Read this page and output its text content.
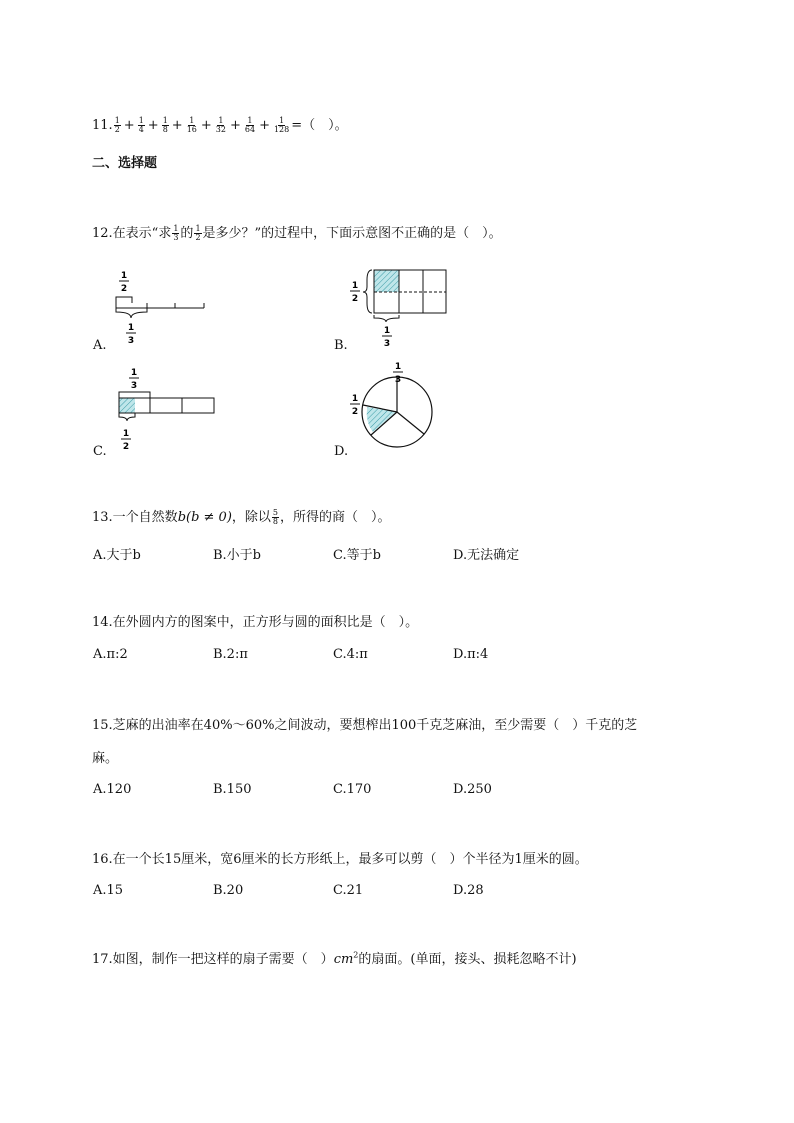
11. $\frac{1}{2} + \frac{1}{4} + \frac{1}{8} + \frac{1}{16} + \frac{1}{32} + \frac{1}{64} + \frac{1}{128}$ =（　）。
二、选择题
12.在表示“求 $\frac{1}{3}$ 的 $\frac{1}{2}$ 是多少？”的过程中，下面示意图不正确的是（　）。
1
2
1
3
1
2
1
3
1
3
1
2
1
3
1
2
A.	B.
C.	D.
13.一个自然数b(b ≠ 0)，除以 $\frac{5}{8}$ ，所得的商（　）。
A.大于b	B.小于b	C.等于b	D.无法确定
14.在外圆内方的图案中，正方形与圆的面积比是（　）。
A.π:2	B.2:π	C.4:π	D.π:4
15.芝麻的出油率在40%～60%之间波动，要想榨出100千克芝麻油，至少需要（　）千克的芝
麻。
A.120	B.150	C.170	D.250
16.在一个长15厘米，宽6厘米的长方形纸上，最多可以剪（　）个半径为1厘米的圆。
A.15	B.20	C.21	D.28
17.如图，制作一把这样的扇子需要（　）$cm^2$的扇面。(单面，接头、损耗忽略不计)
